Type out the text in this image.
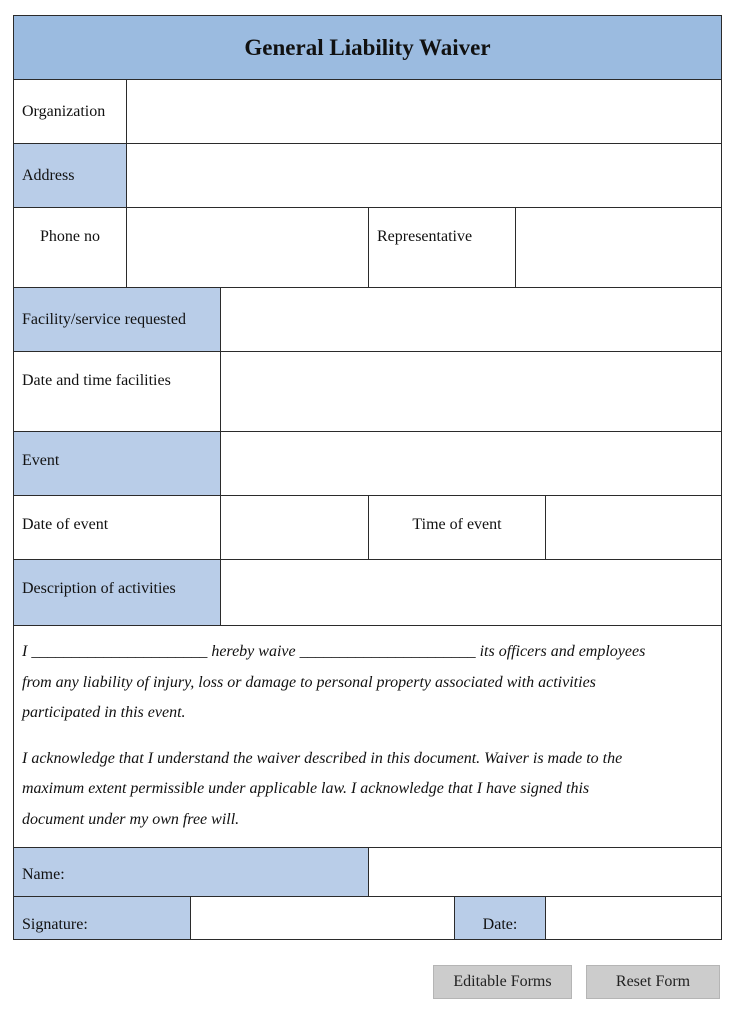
General Liability Waiver
Organization
Address
Phone no	Representative

Facility/service requested
Date and time facilities

Event
Date of event	Time of event
Description of activities

I ______________________ hereby waive ______________________ its officers and employees
from any liability of injury, loss or damage to personal property associated with activities
participated in this event.

I acknowledge that I understand the waiver described in this document. Waiver is made to the
maximum extent permissible under applicable law. I acknowledge that I have signed this
document under my own free will.

Name:
Signature:	Date:
Editable Forms	Reset Form
